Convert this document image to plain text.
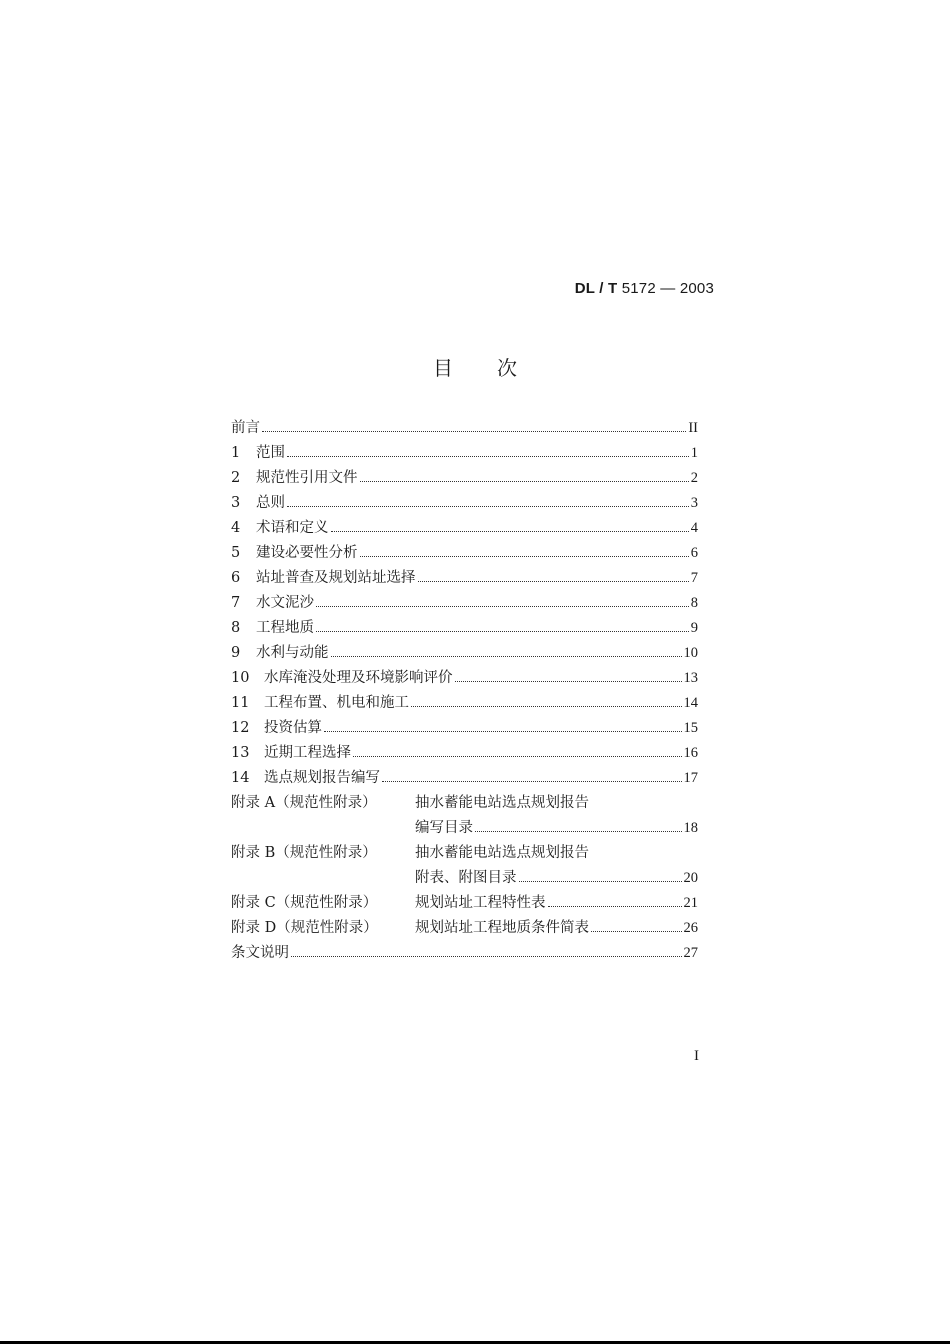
DL / T 5172 — 2003
目次
前言	II
1	范围	1
2	规范性引用文件	2
3	总则	3
4	术语和定义	4
5	建设必要性分析	6
6	站址普查及规划站址选择	7
7	水文泥沙	8
8	工程地质	9
9	水利与动能	10
10	水库淹没处理及环境影响评价	13
11	工程布置、机电和施工	14
12	投资估算	15
13	近期工程选择	16
14	选点规划报告编写	17
附录 A（规范性附录）	抽水蓄能电站选点规划报告
编写目录	18
附录 B（规范性附录）	抽水蓄能电站选点规划报告
附表、附图目录	20
附录 C（规范性附录）	规划站址工程特性表	21
附录 D（规范性附录）	规划站址工程地质条件简表	26
条文说明	27
I
